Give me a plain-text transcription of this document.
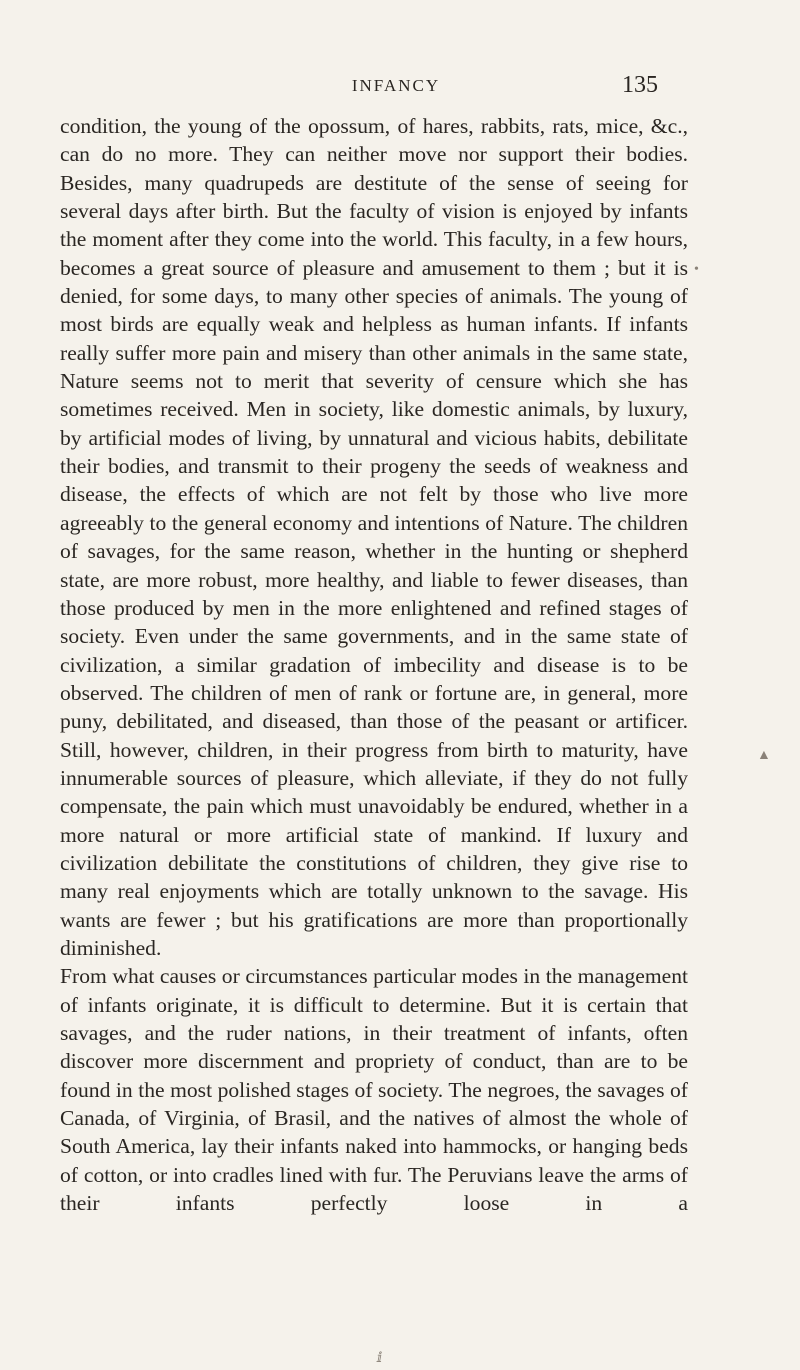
INFANCY	135

condition, the young of the opossum, of hares, rabbits, rats, mice, &c., can do no more. They can neither move nor support their bodies. Besides, many quadrupeds are destitute of the sense of seeing for several days after birth. But the faculty of vision is enjoyed by infants the moment after they come into the world. This faculty, in a few hours, becomes a great source of pleasure and amusement to them ; but it is denied, for some days, to many other species of animals. The young of most birds are equally weak and helpless as human infants. If infants really suffer more pain and misery than other animals in the same state, Nature seems not to merit that severity of censure which she has sometimes received. Men in society, like domestic animals, by luxury, by artificial modes of living, by unnatural and vicious habits, debilitate their bodies, and transmit to their progeny the seeds of weakness and disease, the effects of which are not felt by those who live more agreeably to the general economy and intentions of Nature. The children of savages, for the same reason, whether in the hunting or shepherd state, are more robust, more healthy, and liable to fewer diseases, than those produced by men in the more enlightened and refined stages of society. Even under the same governments, and in the same state of civilization, a similar gradation of imbecility and disease is to be observed. The children of men of rank or fortune are, in general, more puny, debilitated, and diseased, than those of the peasant or artificer. Still, however, children, in their progress from birth to maturity, have innumerable sources of pleasure, which alleviate, if they do not fully compensate, the pain which must unavoidably be endured, whether in a more natural or more artificial state of mankind. If luxury and civilization debilitate the constitutions of children, they give rise to many real enjoyments which are totally unknown to the savage. His wants are fewer ; but his gratifications are more than proportionally diminished.

From what causes or circumstances particular modes in the management of infants originate, it is difficult to determine. But it is certain that savages, and the ruder nations, in their treatment of infants, often discover more discernment and propriety of conduct, than are to be found in the most polished stages of society. The negroes, the savages of Canada, of Virginia, of Brasil, and the natives of almost the whole of South America, lay their infants naked into hammocks, or hanging beds of cotton, or into cradles lined with fur. The Peruvians leave the arms of their infants perfectly loose in a

•
▲
ⅈ
